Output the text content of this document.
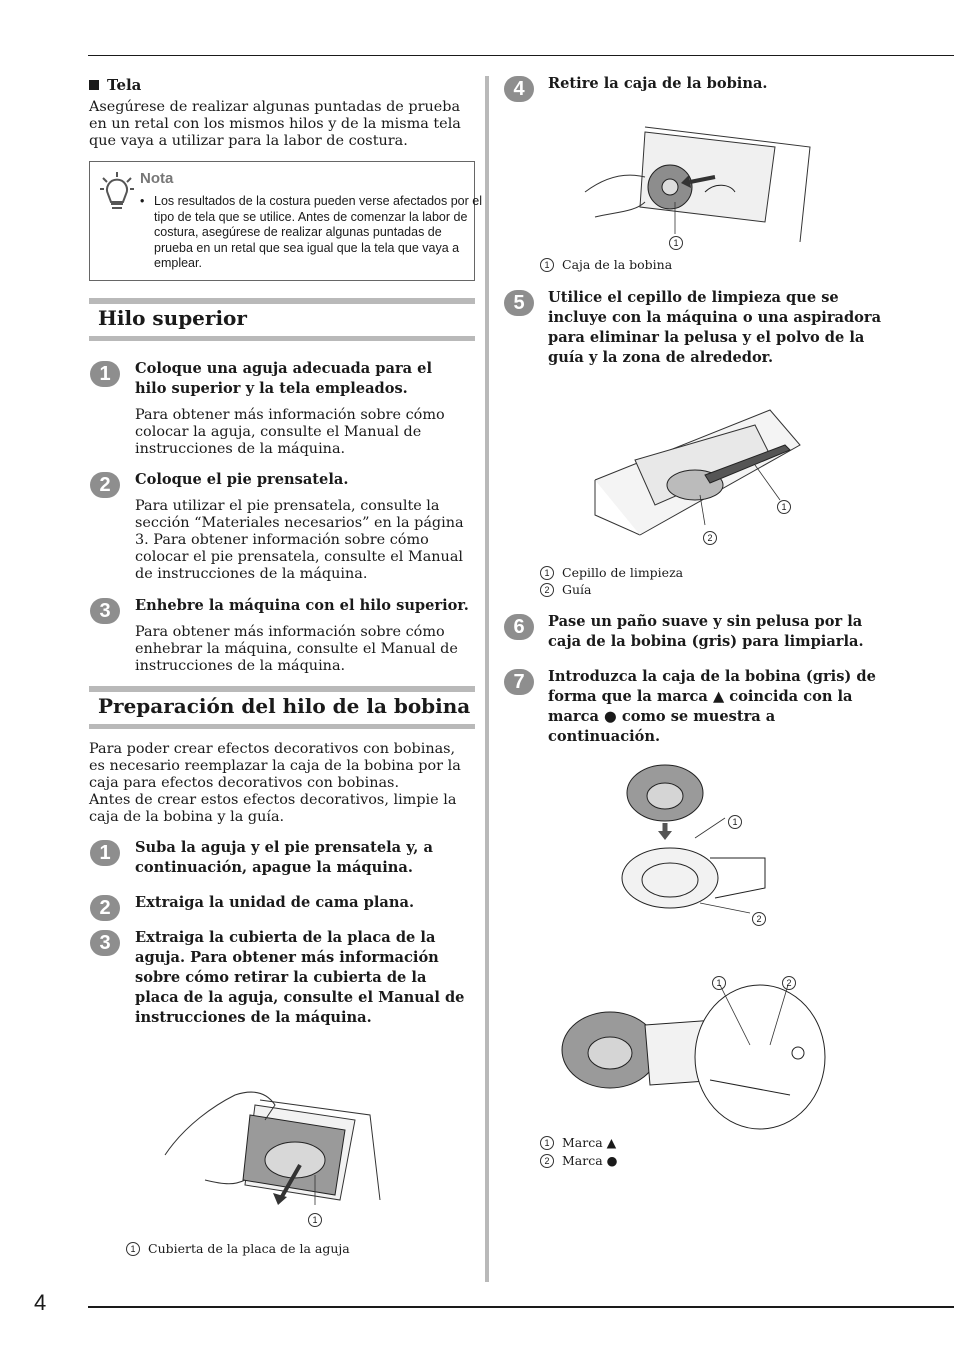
4
Tela
Asegúrese de realizar algunas puntadas de prueba en un retal con los mismos hilos y de la misma tela que vaya a utilizar para la labor de costura.
Nota
• Los resultados de la costura pueden verse afectados por el tipo de tela que se utilice. Antes de comenzar la labor de costura, asegúrese de realizar algunas puntadas de prueba en un retal que sea igual que la tela que vaya a emplear.
Hilo superior
1	Coloque una aguja adecuada para el hilo superior y la tela empleados.
Para obtener más información sobre cómo colocar la aguja, consulte el Manual de instrucciones de la máquina.
2	Coloque el pie prensatela.
Para utilizar el pie prensatela, consulte la sección “Materiales necesarios” en la página 3. Para obtener información sobre cómo colocar el pie prensatela, consulte el Manual de instrucciones de la máquina.
3	Enhebre la máquina con el hilo superior.
Para obtener más información sobre cómo enhebrar la máquina, consulte el Manual de instrucciones de la máquina.
Preparación del hilo de la bobina
Para poder crear efectos decorativos con bobinas, es necesario reemplazar la caja de la bobina por la caja para efectos decorativos con bobinas.
Antes de crear estos efectos decorativos, limpie la caja de la bobina y la guía.
1	Suba la aguja y el pie prensatela y, a continuación, apague la máquina.
2	Extraiga la unidad de cama plana.
3	Extraiga la cubierta de la placa de la aguja. Para obtener más información sobre cómo retirar la cubierta de la placa de la aguja, consulte el Manual de instrucciones de la máquina.
1
1 Cubierta de la placa de la aguja
4	Retire la caja de la bobina.
1
1 Caja de la bobina
5	Utilice el cepillo de limpieza que se incluye con la máquina o una aspiradora para eliminar la pelusa y el polvo de la guía y la zona de alrededor.
1
2
1 Cepillo de limpieza
2 Guía
6	Pase un paño suave y sin pelusa por la caja de la bobina (gris) para limpiarla.
7	Introduzca la caja de la bobina (gris) de forma que la marca ▲ coincida con la marca ● como se muestra a continuación.
1
2
1	2
1 Marca ▲
2 Marca ●
